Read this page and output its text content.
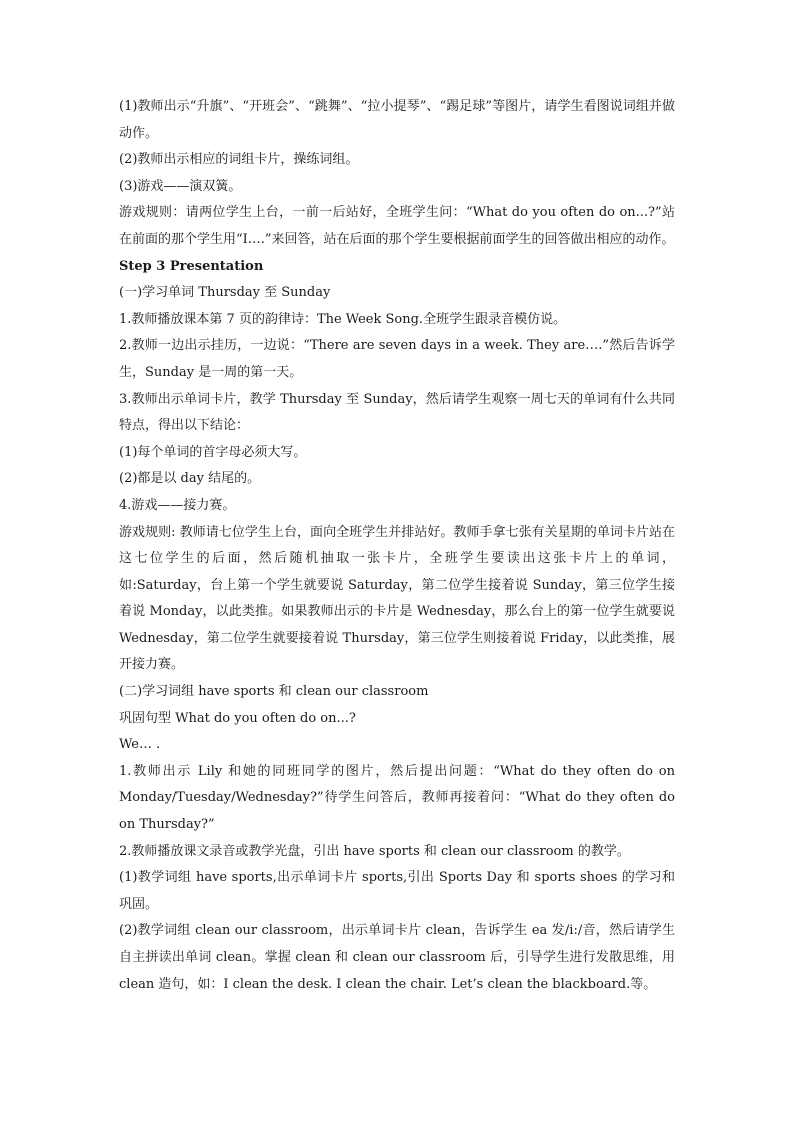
(1)教师出示“升旗”、“开班会”、“跳舞”、“拉小提琴”、“踢足球”等图片，请学生看图说词组并做动作。

(2)教师出示相应的词组卡片，操练词组。

(3)游戏——演双簧。

游戏规则：请两位学生上台，一前一后站好，全班学生问：“What do you often do on...?”站在前面的那个学生用“I….”来回答，站在后面的那个学生要根据前面学生的回答做出相应的动作。

Step 3 Presentation

(一)学习单词 Thursday 至 Sunday

1.教师播放课本第 7 页的韵律诗：The Week Song.全班学生跟录音模仿说。

2.教师一边出示挂历，一边说：“There are seven days in a week. They are….”然后告诉学生，Sunday 是一周的第一天。

3.教师出示单词卡片，教学 Thursday 至 Sunday，然后请学生观察一周七天的单词有什么共同特点，得出以下结论：

(1)每个单词的首字母必须大写。

(2)都是以 day 结尾的。

4.游戏——接力赛。

游戏规则: 教师请七位学生上台，面向全班学生并排站好。教师手拿七张有关星期的单词卡片站在这七位学生的后面，然后随机抽取一张卡片，全班学生要读出这张卡片上的单词，如:Saturday，台上第一个学生就要说 Saturday，第二位学生接着说 Sunday，第三位学生接着说 Monday，以此类推。如果教师出示的卡片是 Wednesday，那么台上的第一位学生就要说 Wednesday，第二位学生就要接着说 Thursday，第三位学生则接着说 Friday，以此类推，展开接力赛。

(二)学习词组 have sports 和 clean our classroom

巩固句型 What do you often do on...?

We… .

1.教师出示 Lily 和她的同班同学的图片，然后提出问题：“What do they often do on Monday/Tuesday/Wednesday?”待学生问答后，教师再接着问：“What do they often do on Thursday?”

2.教师播放课文录音或教学光盘，引出 have sports 和 clean our classroom 的教学。

(1)教学词组 have sports,出示单词卡片 sports,引出 Sports Day 和 sports shoes 的学习和巩固。

(2)教学词组 clean our classroom，出示单词卡片 clean，告诉学生 ea 发/i:/音，然后请学生自主拼读出单词 clean。掌握 clean 和 clean our classroom 后，引导学生进行发散思维，用 clean 造句，如：I clean the desk. I clean the chair. Let’s clean the blackboard.等。
